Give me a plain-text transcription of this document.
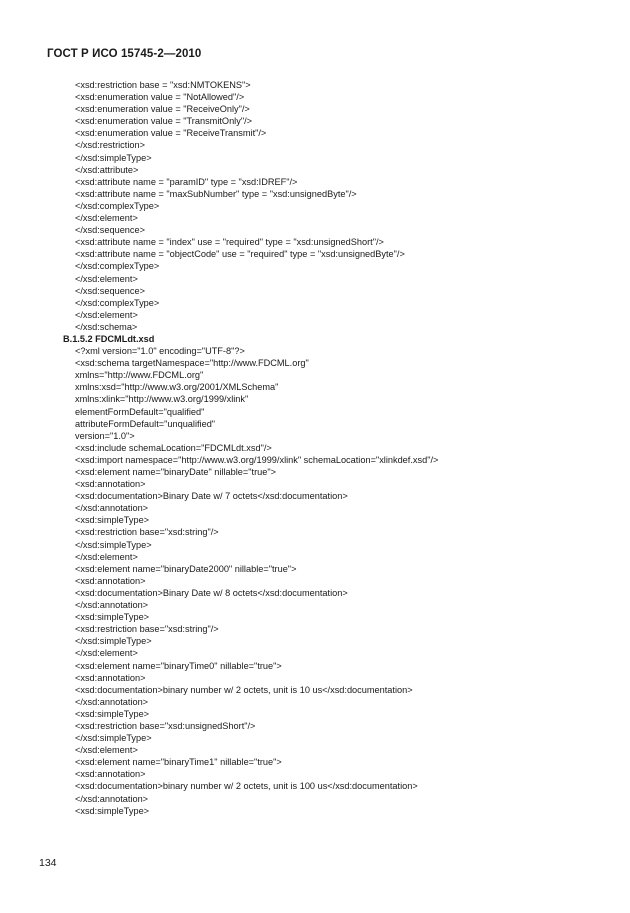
ГОСТ Р ИСО 15745-2—2010
<xsd:restriction base = "xsd:NMTOKENS">
<xsd:enumeration value = "NotAllowed"/>
<xsd:enumeration value = "ReceiveOnly"/>
<xsd:enumeration value = "TransmitOnly"/>
<xsd:enumeration value = "ReceiveTransmit"/>
</xsd:restriction>
</xsd:simpleType>
</xsd:attribute>
<xsd:attribute name = "paramID" type = "xsd:IDREF"/>
<xsd:attribute name = "maxSubNumber" type = "xsd:unsignedByte"/>
</xsd:complexType>
</xsd:element>
</xsd:sequence>
<xsd:attribute name = "index" use = "required" type = "xsd:unsignedShort"/>
<xsd:attribute name = "objectCode" use = "required" type = "xsd:unsignedByte"/>
</xsd:complexType>
</xsd:element>
</xsd:sequence>
</xsd:complexType>
</xsd:element>
</xsd:schema>
B.1.5.2 FDCMLdt.xsd
<?xml version="1.0" encoding="UTF-8"?>
<xsd:schema targetNamespace="http://www.FDCML.org"
xmlns="http://www.FDCML.org"
xmlns:xsd="http://www.w3.org/2001/XMLSchema"
xmlns:xlink="http://www.w3.org/1999/xlink"
elementFormDefault="qualified"
attributeFormDefault="unqualified"
version="1.0">
<xsd:include schemaLocation="FDCMLdt.xsd"/>
<xsd:import namespace="http://www.w3.org/1999/xlink" schemaLocation="xlinkdef.xsd"/>
<xsd:element name="binaryDate" nillable="true">
<xsd:annotation>
<xsd:documentation>Binary Date w/ 7 octets</xsd:documentation>
</xsd:annotation>
<xsd:simpleType>
<xsd:restriction base="xsd:string"/>
</xsd:simpleType>
</xsd:element>
<xsd:element name="binaryDate2000" nillable="true">
<xsd:annotation>
<xsd:documentation>Binary Date w/ 8 octets</xsd:documentation>
</xsd:annotation>
<xsd:simpleType>
<xsd:restriction base="xsd:string"/>
</xsd:simpleType>
</xsd:element>
<xsd:element name="binaryTime0" nillable="true">
<xsd:annotation>
<xsd:documentation>binary number w/ 2 octets, unit is 10 us</xsd:documentation>
</xsd:annotation>
<xsd:simpleType>
<xsd:restriction base="xsd:unsignedShort"/>
</xsd:simpleType>
</xsd:element>
<xsd:element name="binaryTime1" nillable="true">
<xsd:annotation>
<xsd:documentation>binary number w/ 2 octets, unit is 100 us</xsd:documentation>
</xsd:annotation>
<xsd:simpleType>
134
